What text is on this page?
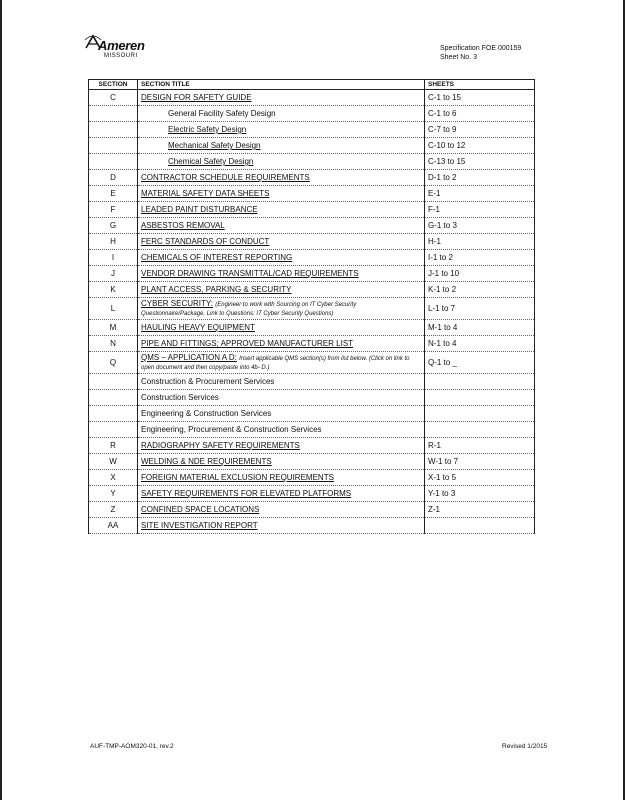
Ameren
MISSOURI
Specification FOE 000159
Sheet No. 3
SECTION	SECTION TITLE	SHEETS
C	DESIGN FOR SAFETY GUIDE	C-1 to 15
	General Facility Safety Design	C-1 to 6
	Electric Safety Design	C-7 to 9
	Mechanical Safety Design	C-10 to 12
	Chemical Safety Design	C-13 to 15
D	CONTRACTOR SCHEDULE REQUIREMENTS	D-1 to 2
E	MATERIAL SAFETY DATA SHEETS	E-1
F	LEADED PAINT DISTURBANCE	F-1
G	ASBESTOS REMOVAL	G-1 to 3
H	FERC STANDARDS OF CONDUCT	H-1
I	CHEMICALS OF INTEREST REPORTING	I-1 to 2
J	VENDOR DRAWING TRANSMITTAL/CAD REQUIREMENTS	J-1 to 10
K	PLANT ACCESS, PARKING & SECURITY	K-1 to 2
L	CYBER SECURITY: (Engineer to work with Sourcing on IT Cyber Security Questionnaire/Package. Link to Questions: IT Cyber Security Questions)	L-1 to 7
M	HAULING HEAVY EQUIPMENT	M-1 to 4
N	PIPE AND FITTINGS; APPROVED MANUFACTURER LIST	N-1 to 4
Q	QMS – APPLICATION A D: Insert applicable QMS section(s) from list below. (Click on link to open document and then copy/paste into 4b- D.)	Q-1 to _
	Construction & Procurement Services	
	Construction Services	
	Engineering & Construction Services	
	Engineering, Procurement & Construction Services	
R	RADIOGRAPHY SAFETY REQUIREMENTS	R-1
W	WELDING & NDE REQUIREMENTS	W-1 to 7
X	FOREIGN MATERIAL EXCLUSION REQUIREMENTS	X-1 to 5
Y	SAFETY REQUIREMENTS FOR ELEVATED PLATFORMS	Y-1 to 3
Z	CONFINED SPACE LOCATIONS	Z-1
AA	SITE INVESTIGATION REPORT	
AUF-TMP-AOM320-01, rev.2	Revised 1/2015
